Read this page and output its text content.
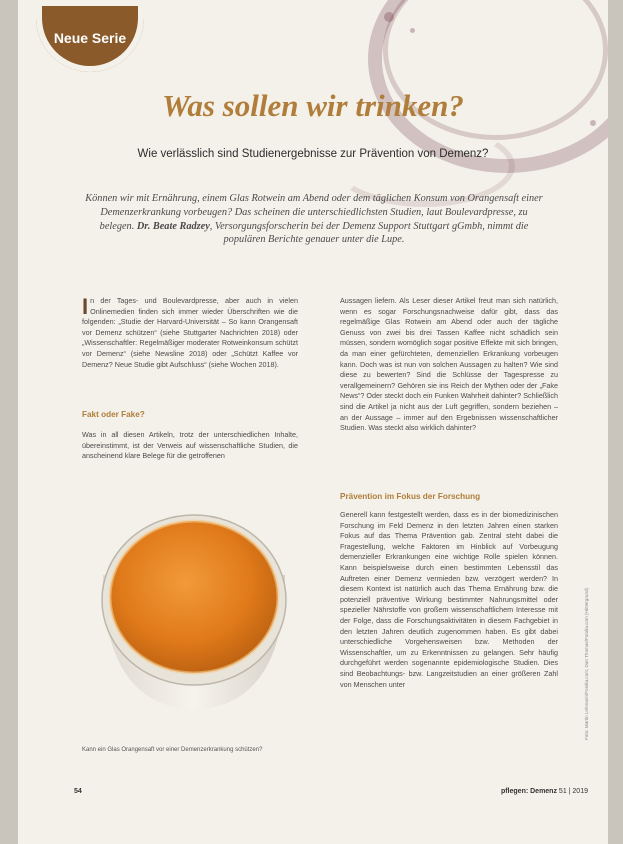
Neue Serie
Was sollen wir trinken?
Wie verlässlich sind Studienergebnisse zur Prävention von Demenz?

Können wir mit Ernährung, einem Glas Rotwein am Abend oder dem täglichen Konsum von Orangensaft einer Demenzerkrankung vorbeugen? Das scheinen die unterschiedlichsten Studien, laut Boulevardpresse, zu belegen. Dr. Beate Radzey, Versorgungsforscherin bei der Demenz Support Stuttgart gGmbh, nimmt die populären Berichte genauer unter die Lupe.

In der Tages- und Boulevardpresse, aber auch in vielen Onlinemedien finden sich immer wieder Überschriften wie die folgenden: „Studie der Harvard-Universität – So kann Orangensaft vor Demenz schützen“ (siehe Stuttgarter Nachrichten 2018) oder „Wissenschaftler: Regelmäßiger moderater Rotweinkonsum schützt vor Demenz“ (siehe Newsline 2018) oder „Schützt Kaffee vor Demenz? Neue Studie gibt Aufschluss“ (siehe Wochen 2018).

Fakt oder Fake?
Was in all diesen Artikeln, trotz der unterschiedlichen Inhalte, übereinstimmt, ist der Verweis auf wissenschaftliche Studien, die anscheinend klare Belege für die getroffenen

Aussagen liefern. Als Leser dieser Artikel freut man sich natürlich, wenn es sogar Forschungsnachweise dafür gibt, dass das regelmäßige Glas Rotwein am Abend oder auch der tägliche Genuss von zwei bis drei Tassen Kaffee nicht schädlich sein müssen, sondern womöglich sogar positive Effekte mit sich bringen, da man einer gefürchteten, demenziellen Erkrankung vorbeugen kann. Doch was ist nun von solchen Aussagen zu halten? Wie sind diese zu bewerten? Sind die Schlüsse der Tagespresse zu verallgemeinern? Gehören sie ins Reich der Mythen oder der „Fake News“? Oder steckt doch ein Funken Wahrheit dahinter? Schließlich sind die Artikel ja nicht aus der Luft gegriffen, sondern beziehen – an der Aussage – immer auf den Ergebnissen wissenschaftlicher Studien. Was steckt also wirklich dahinter?

Prävention im Fokus der Forschung
Generell kann festgestellt werden, dass es in der biomedizinischen Forschung im Feld Demenz in den letzten Jahren einen starken Fokus auf das Thema Prävention gab. Zentral steht dabei die Fragestellung, welche Faktoren im Hinblick auf Vorbeugung demenzieller Erkrankungen eine wichtige Rolle spielen können. Kann beispielsweise durch einen bestimmten Lebensstil das Auftreten einer Demenz vermieden bzw. verzögert werden? In diesem Kontext ist natürlich auch das Thema Ernährung bzw. die potenziell präventive Wirkung bestimmter Nahrungsmittel oder spezieller Nährstoffe von großem wissenschaftlichem Interesse mit der Folge, dass die Forschungsaktivitäten in diesem Fachgebiet in den letzten Jahren deutlich zugenommen haben. Es gibt dabei unterschiedliche Vorgehensweisen bzw. Methoden der Wissenschaftler, um zu Erkenntnissen zu gelangen. Sehr häufig durchgeführt werden sogenannte epidemiologische Studien. Dies sind Beobachtungs- bzw. Langzeitstudien an einer größeren Zahl von Menschen unter
Kann ein Glas Orangensaft vor einer Demenzerkrankung schützen?
Foto: Martin Lehmann/Fotolia.com; Dan Thomas/Fotolia.com (Hintergrund)
54	pflegen: Demenz 51 | 2019
